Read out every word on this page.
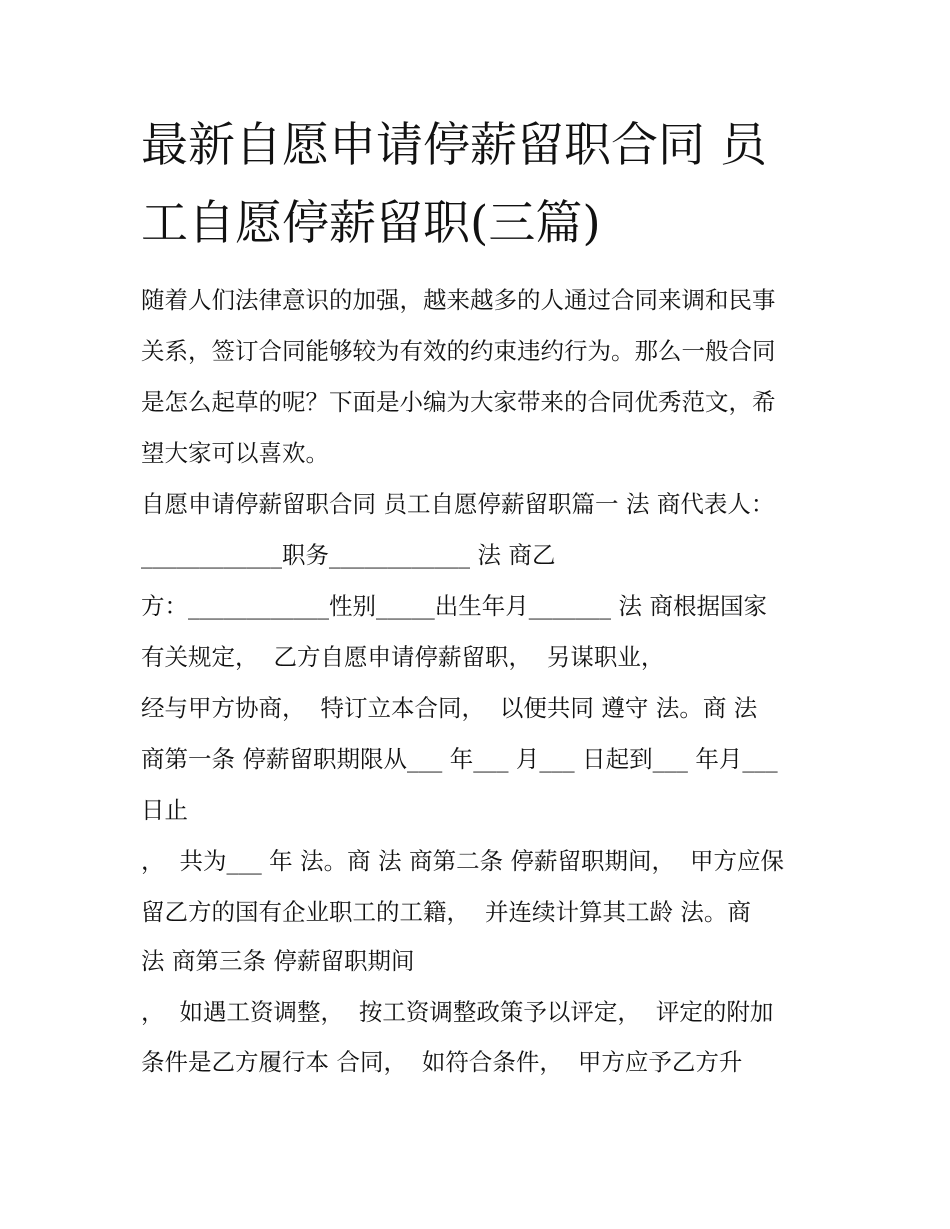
最新自愿申请停薪留职合同 员
工自愿停薪留职(三篇)
随着人们法律意识的加强，越来越多的人通过合同来调和民事
关系，签订合同能够较为有效的约束违约行为。那么一般合同
是怎么起草的呢？下面是小编为大家带来的合同优秀范文，希
望大家可以喜欢。
自愿申请停薪留职合同 员工自愿停薪留职篇一 法 商代表人：
____________职务____________ 法 商乙
方：____________性别_____出生年月_______ 法 商根据国家
有关规定，  乙方自愿申请停薪留职，  另谋职业，
经与甲方协商，  特订立本合同，  以便共同 遵守 法。商 法
商第一条 停薪留职期限从___ 年___ 月___ 日起到___ 年月___
日止
，  共为___ 年 法。商 法 商第二条 停薪留职期间，  甲方应保
留乙方的国有企业职工的工籍，  并连续计算其工龄 法。商
法 商第三条 停薪留职期间
，  如遇工资调整，  按工资调整政策予以评定，  评定的附加
条件是乙方履行本 合同，  如符合条件，  甲方应予乙方升
